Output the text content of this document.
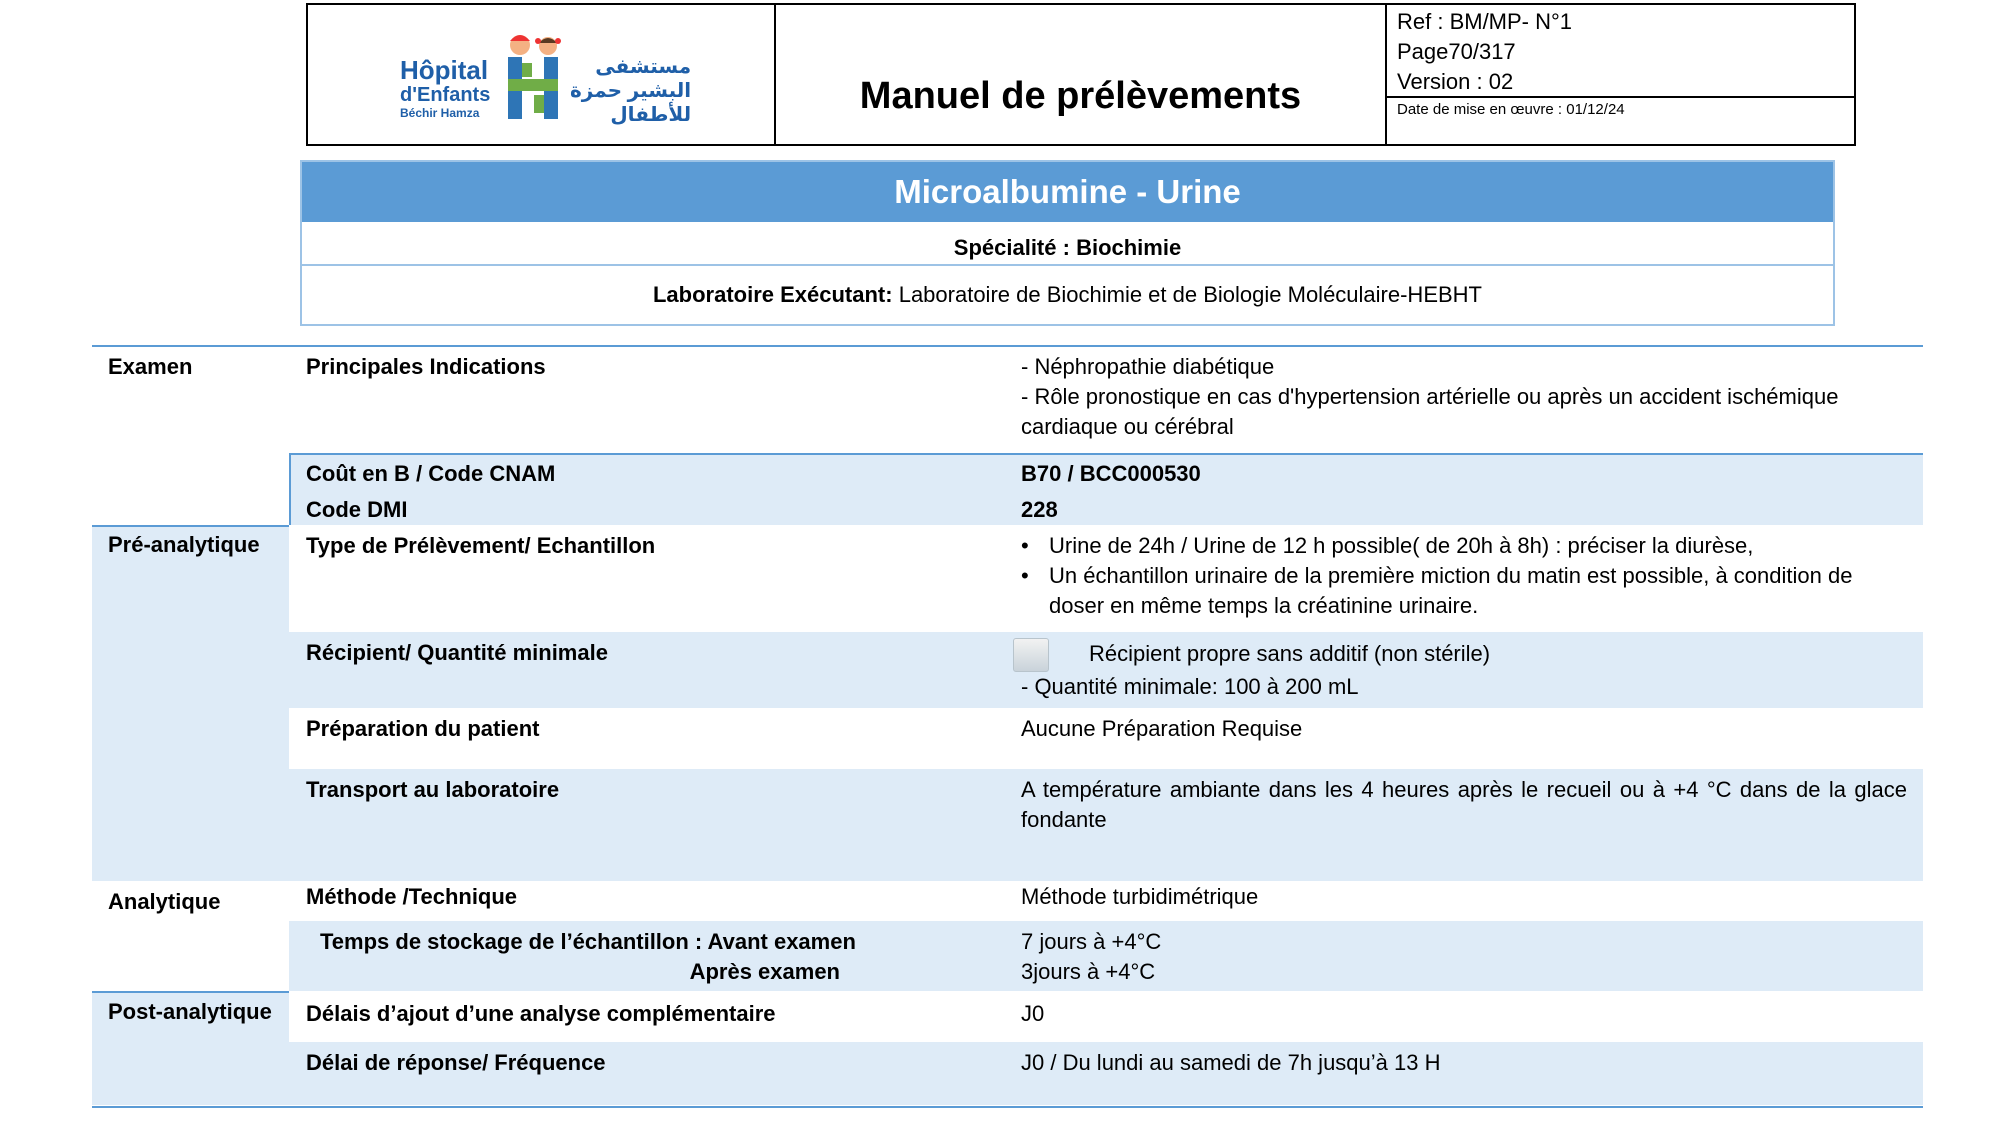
Hôpital
d'Enfants
Béchir Hamza
مستشفى
البشير حمزة
للأطفال	Manuel de prélèvements
Ref : BM/MP- N°1
Page70/317
Version : 02
Date de mise en œuvre : 01/12/24
Microalbumine - Urine
Spécialité : Biochimie
Laboratoire Exécutant: Laboratoire de Biochimie et de Biologie Moléculaire-HEBHT
Examen
Pré-analytique
Analytique
Post-analytique
Principales Indications	- Néphropathie diabétique
- Rôle pronostique en cas d'hypertension artérielle ou après un accident ischémique cardiaque ou cérébral
Coût en B / Code CNAM	B70 / BCC000530
Code DMI	228
Type de Prélèvement/ Echantillon
•	Urine de 24h / Urine de 12 h possible( de 20h à 8h) : préciser la diurèse,
• Un échantillon urinaire de la première miction du matin est possible, à condition de doser en même temps la créatinine urinaire.
Récipient/ Quantité minimale	Récipient propre sans additif (non stérile)
- Quantité minimale: 100 à 200 mL
Préparation du patient	Aucune Préparation Requise
Transport au laboratoire	A température ambiante dans les 4 heures après le recueil ou à +4 °C dans de la glace fondante
Méthode /Technique	Méthode turbidimétrique
Temps de stockage de l’échantillon : Avant examen
Après examen
7 jours à +4°C
3jours à +4°C
Délais d’ajout d’une analyse complémentaire	J0
Délai de réponse/ Fréquence	J0 / Du lundi au samedi de 7h jusqu’à 13 H
